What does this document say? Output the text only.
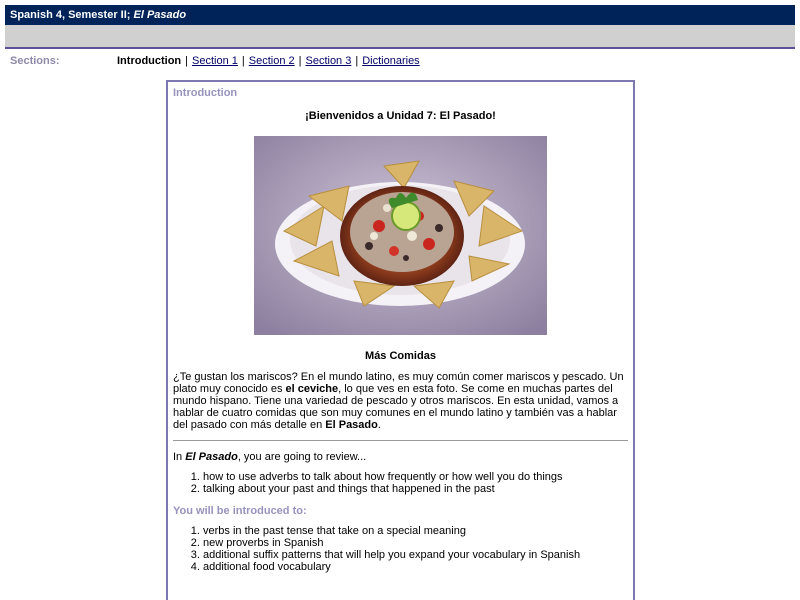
Spanish 4, Semester II; El Pasado
Sections:	Introduction | Section 1 | Section 2 | Section 3 | Dictionaries
Introduction
¡Bienvenidos a Unidad 7: El Pasado!
Más Comidas
¿Te gustan los mariscos? En el mundo latino, es muy común comer mariscos y pescado. Un plato muy conocido es el ceviche, lo que ves en esta foto. Se come en muchas partes del mundo hispano. Tiene una variedad de pescado y otros mariscos. En esta unidad, vamos a hablar de cuatro comidas que son muy comunes en el mundo latino y también vas a hablar del pasado con más detalle en El Pasado.
In El Pasado, you are going to review...
1. how to use adverbs to talk about how frequently or how well you do things
2. talking about your past and things that happened in the past
You will be introduced to:
1. verbs in the past tense that take on a special meaning
2. new proverbs in Spanish
3. additional suffix patterns that will help you expand your vocabulary in Spanish
4. additional food vocabulary
